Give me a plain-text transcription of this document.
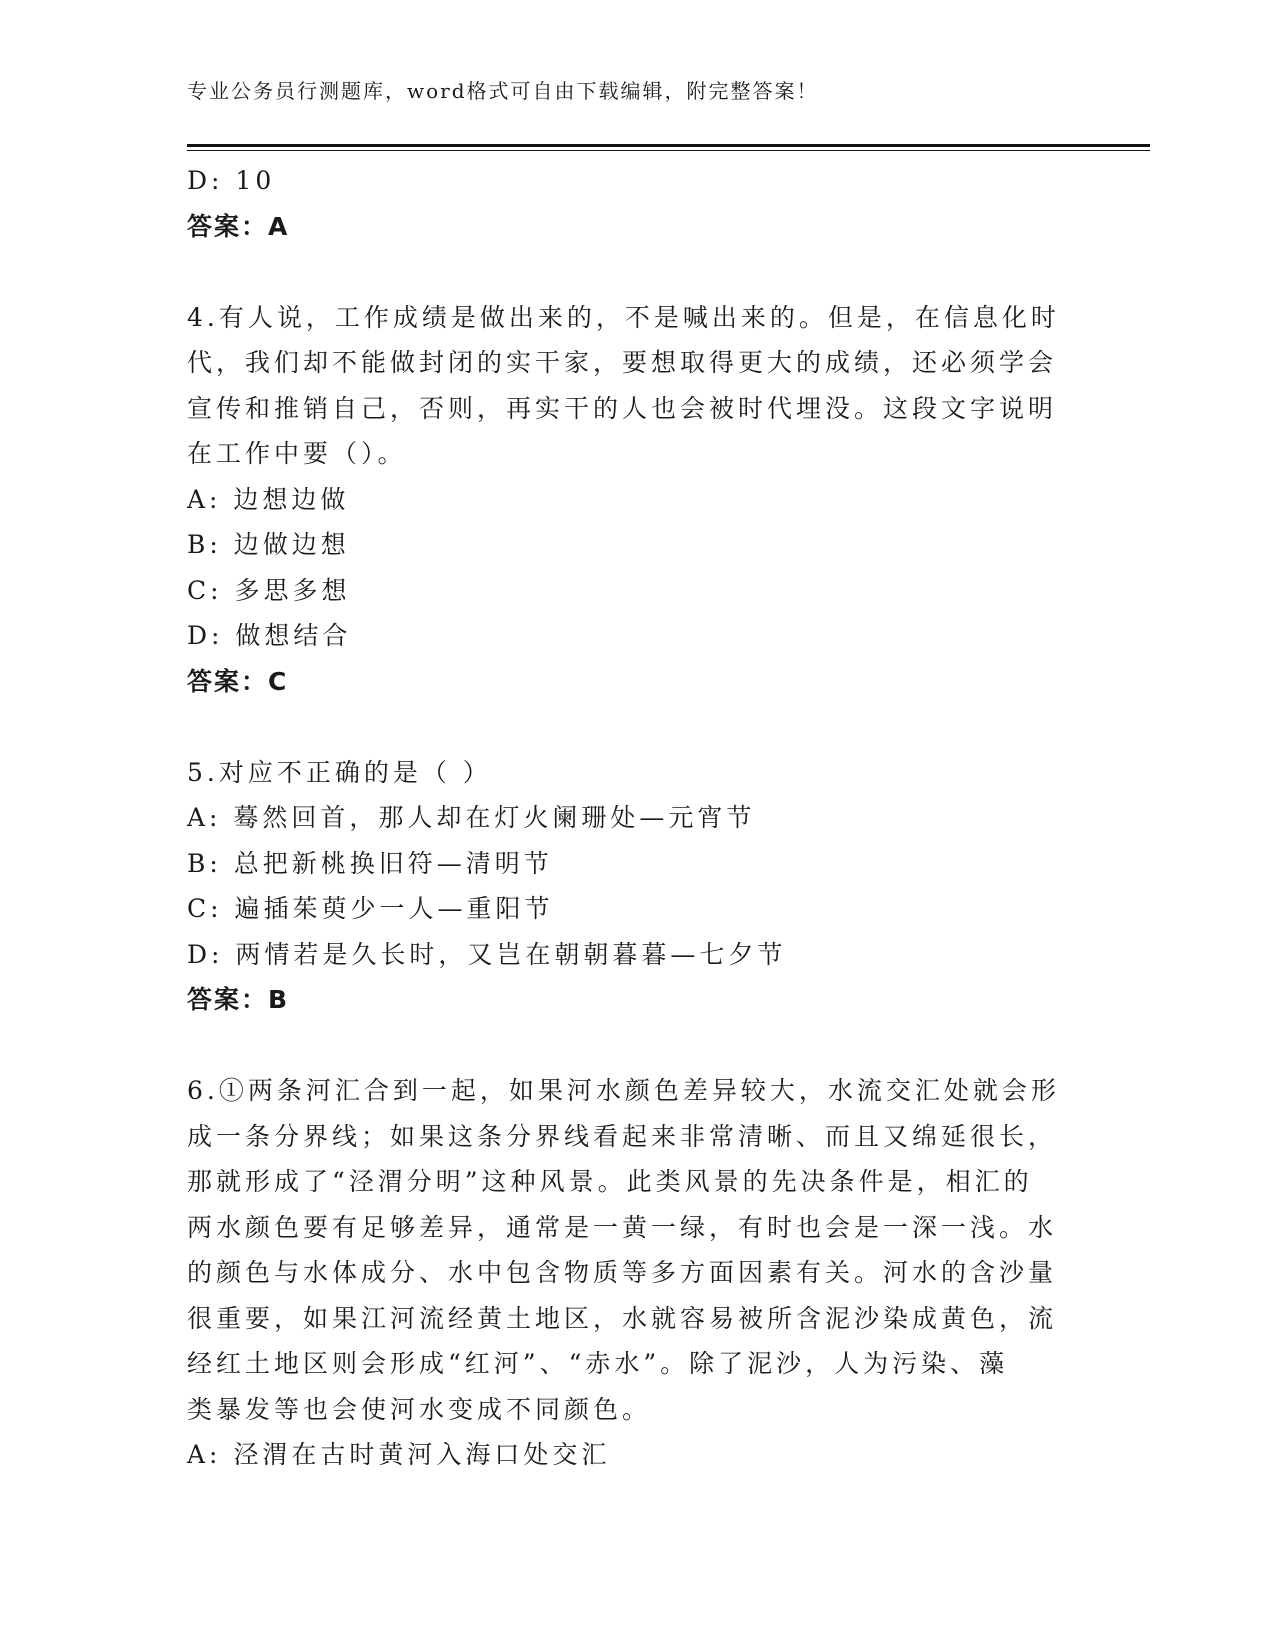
专业公务员行测题库，word格式可自由下载编辑，附完整答案！
D: 10
答案：A
4.有人说，工作成绩是做出来的，不是喊出来的。但是，在信息化时
代，我们却不能做封闭的实干家，要想取得更大的成绩，还必须学会
宣传和推销自己，否则，再实干的人也会被时代埋没。这段文字说明
在工作中要（）。
A: 边想边做
B: 边做边想
C: 多思多想
D: 做想结合
答案：C
5.对应不正确的是（ ）
A: 蓦然回首，那人却在灯火阑珊处—元宵节
B: 总把新桃换旧符—清明节
C: 遍插茱萸少一人—重阳节
D: 两情若是久长时，又岂在朝朝暮暮—七夕节
答案：B
6.①两条河汇合到一起，如果河水颜色差异较大，水流交汇处就会形
成一条分界线；如果这条分界线看起来非常清晰、而且又绵延很长，
那就形成了“泾渭分明”这种风景。此类风景的先决条件是，相汇的
两水颜色要有足够差异，通常是一黄一绿，有时也会是一深一浅。水
的颜色与水体成分、水中包含物质等多方面因素有关。河水的含沙量
很重要，如果江河流经黄土地区，水就容易被所含泥沙染成黄色，流
经红土地区则会形成“红河”、“赤水”。除了泥沙，人为污染、藻
类暴发等也会使河水变成不同颜色。
A: 泾渭在古时黄河入海口处交汇
